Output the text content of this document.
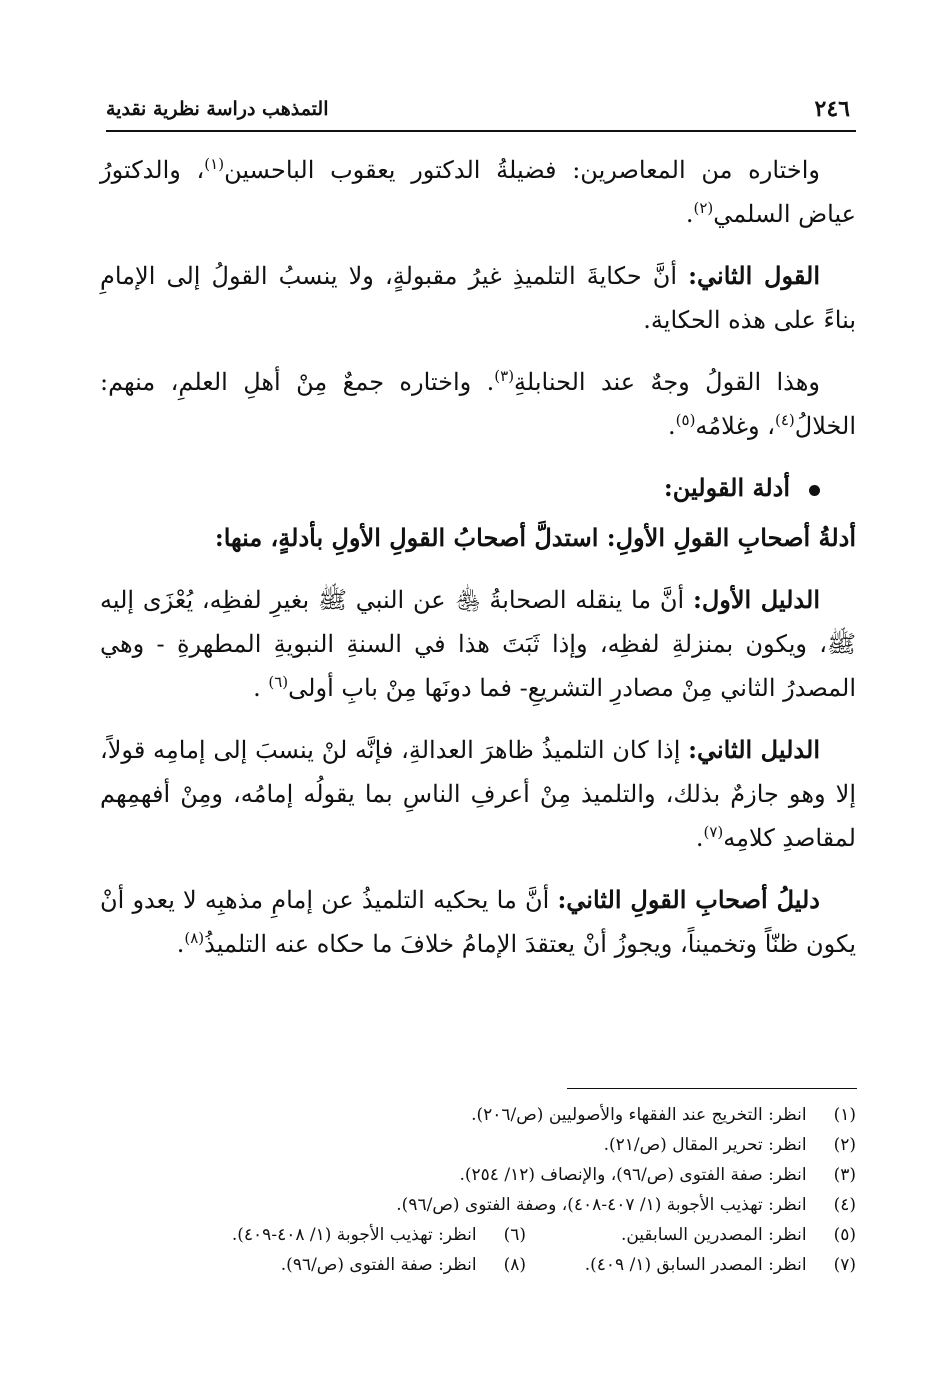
٢٤٦
التمذهب دراسة نظرية نقدية

واختاره من المعاصرين: فضيلةُ الدكتور يعقوب الباحسين$^{(١)}$، والدكتورُ عياض السلمي$^{(٢)}$.

القول الثاني: أنَّ حكايةَ التلميذِ غيرُ مقبولةٍ، ولا ينسبُ القولُ إلى الإمامِ بناءً على هذه الحكاية.

وهذا القولُ وجهٌ عند الحنابلةِ$^{(٣)}$. واختاره جمعٌ مِنْ أهلِ العلمِ، منهم: الخلالُ$^{(٤)}$، وغلامُه$^{(٥)}$.

أدلة القولين:

أدلةُ أصحابِ القولِ الأولِ: استدلَّ أصحابُ القولِ الأولِ بأدلةٍ، منها:

الدليل الأول: أنَّ ما ينقله الصحابةُ ﵃ عن النبي ﷺ بغيرِ لفظِه، يُعْزَى إليه ﷺ، ويكون بمنزلةِ لفظِه، وإذا ثَبَتَ هذا في السنةِ النبويةِ المطهرةِ - وهي المصدرُ الثاني مِنْ مصادرِ التشريعِ- فما دونَها مِنْ بابِ أولى$^{(٦)}$ .

الدليل الثاني: إذا كان التلميذُ ظاهرَ العدالةِ، فإنَّه لنْ ينسبَ إلى إمامِه قولاً، إلا وهو جازمٌ بذلك، والتلميذ مِنْ أعرفِ الناسِ بما يقولُه إمامُه، ومِنْ أفهمِهم لمقاصدِ كلامِه$^{(٧)}$.

دليلُ أصحابِ القولِ الثاني: أنَّ ما يحكيه التلميذُ عن إمامِ مذهبِه لا يعدو أنْ يكون ظنّاً وتخميناً، ويجوزُ أنْ يعتقدَ الإمامُ خلافَ ما حكاه عنه التلميذُ$^{(٨)}$.

(١) انظر: التخريج عند الفقهاء والأصوليين (ص/٢٠٦).
(٢) انظر: تحرير المقال (ص/٢١).
(٣) انظر: صفة الفتوى (ص/٩٦)، والإنصاف (١٢/ ٢٥٤).
(٤) انظر: تهذيب الأجوبة (١/ ٤٠٧-٤٠٨)، وصفة الفتوى (ص/٩٦).
(٥) انظر: المصدرين السابقين.
(٦) انظر: تهذيب الأجوبة (١/ ٤٠٨-٤٠٩).
(٧) انظر: المصدر السابق (١/ ٤٠٩).
(٨) انظر: صفة الفتوى (ص/٩٦).
